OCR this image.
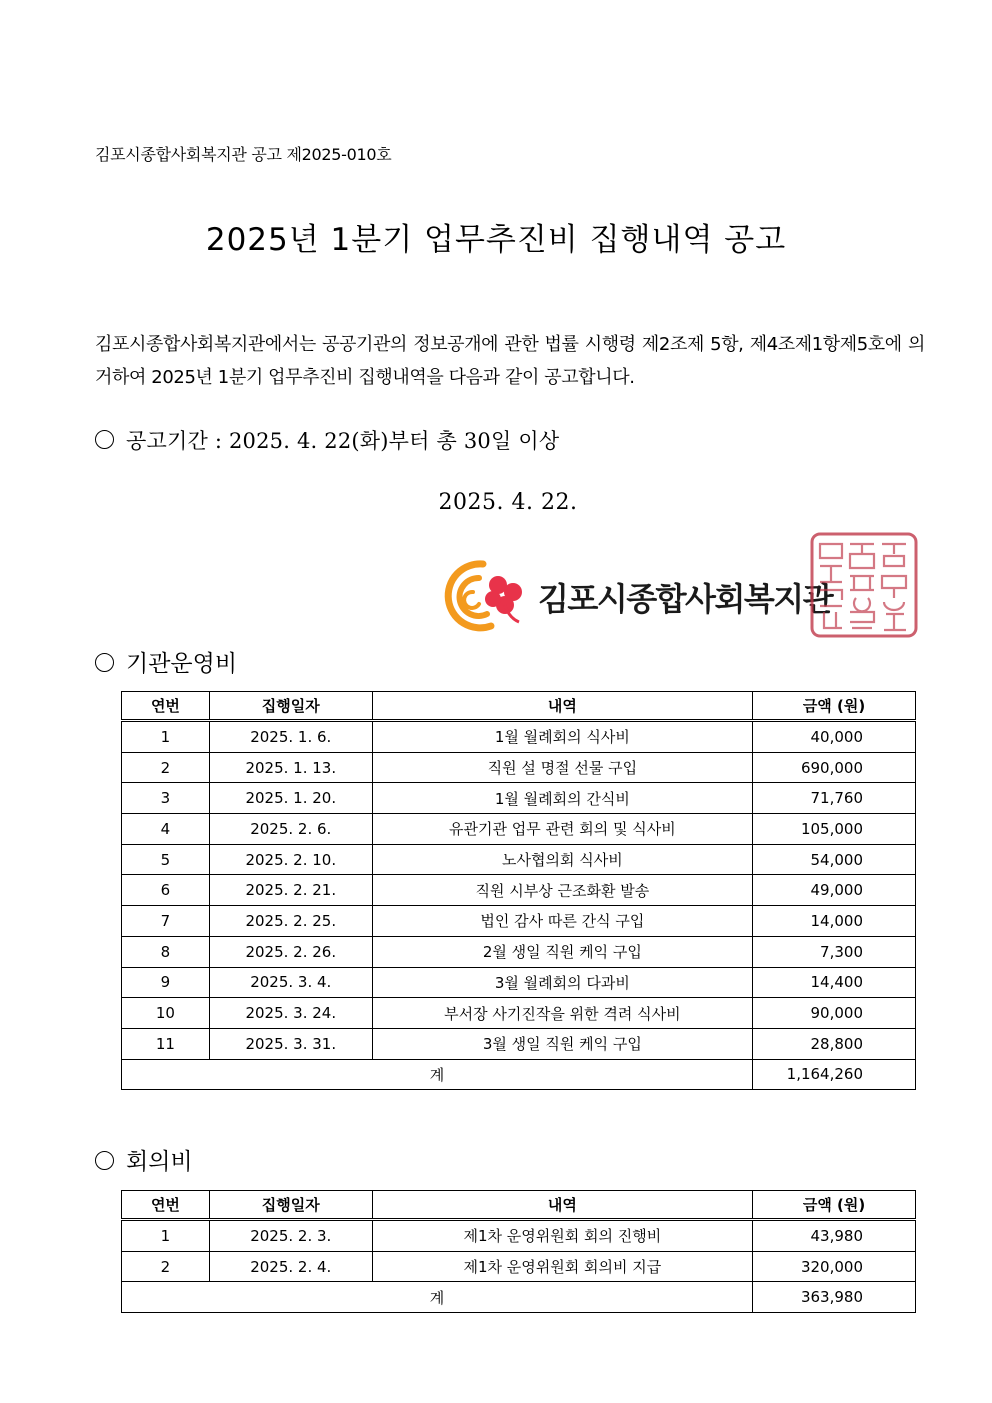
김포시종합사회복지관 공고 제2025-010호
2025년 1분기 업무추진비 집행내역 공고
김포시종합사회복지관에서는 공공기관의 정보공개에 관한 법률 시행령 제2조제 5항, 제4조제1항제5호에 의거하여 2025년 1분기 업무추진비 집행내역을 다음과 같이 공고합니다.
공고기간 : 2025. 4. 22(화)부터 총 30일 이상
2025. 4. 22.
김포시종합사회복지관
기관운영비
연번	집행일자	내역	금액 (원)
1	2025. 1. 6.	1월 월례회의 식사비	40,000
2	2025. 1. 13.	직원 설 명절 선물 구입	690,000
3	2025. 1. 20.	1월 월례회의 간식비	71,760
4	2025. 2. 6.	유관기관 업무 관련 회의 및 식사비	105,000
5	2025. 2. 10.	노사협의회 식사비	54,000
6	2025. 2. 21.	직원 시부상 근조화환 발송	49,000
7	2025. 2. 25.	법인 감사 따른 간식 구입	14,000
8	2025. 2. 26.	2월 생일 직원 케익 구입	7,300
9	2025. 3. 4.	3월 월례회의 다과비	14,400
10	2025. 3. 24.	부서장 사기진작을 위한 격려 식사비	90,000
11	2025. 3. 31.	3월 생일 직원 케익 구입	28,800
계			1,164,260
회의비
연번	집행일자	내역	금액 (원)
1	2025. 2. 3.	제1차 운영위원회 회의 진행비	43,980
2	2025. 2. 4.	제1차 운영위원회 회의비 지급	320,000
계			363,980
